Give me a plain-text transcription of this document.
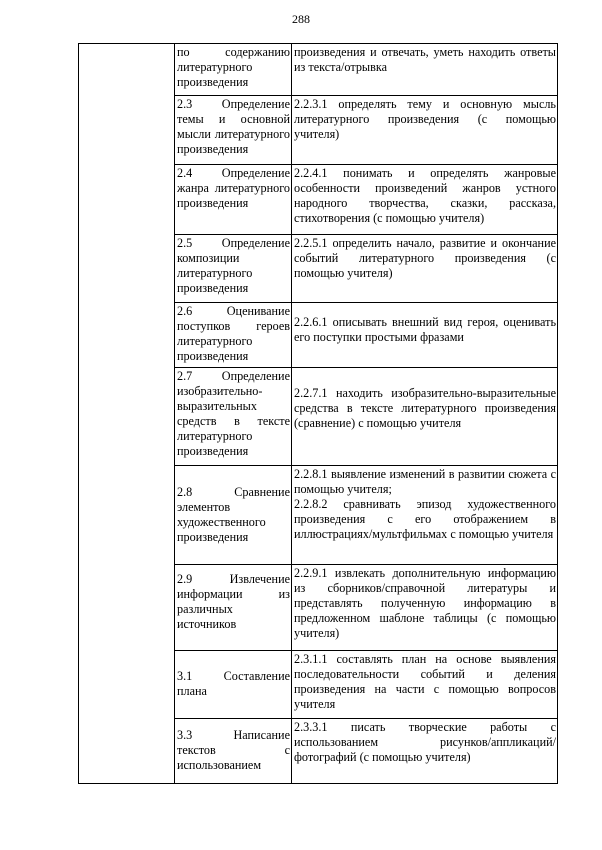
288
	по содержанию литературного произведения	произведения и отвечать, уметь находить ответы из текста/отрывка

	2.3 Определение темы и основной мысли литературного произведения	2.2.3.1 определять тему и основную мысль литературного произведения (с помощью учителя)

	2.4 Определение жанра литературного произведения	2.2.4.1 понимать и определять жанровые особенности произведений жанров устного народного творчества, сказки, рассказа, стихотворения (с помощью учителя)

	2.5 Определение композиции литературного произведения	2.2.5.1 определить начало, развитие и окончание событий литературного произведения (с помощью учителя)

	2.6 Оценивание поступков героев литературного произведения	2.2.6.1 описывать внешний вид героя, оценивать его поступки простыми фразами

	2.7 Определение изобразительно-выразительных средств в тексте литературного произведения	2.2.7.1 находить изобразительно-выразительные средства в тексте литературного произведения (сравнение) с помощью учителя

	2.8 Сравнение элементов художественного произведения	2.2.8.1 выявление изменений в развитии сюжета с помощью учителя;
2.2.8.2 сравнивать эпизод художественного произведения с его отображением в иллюстрациях/мультфильмах с помощью учителя

	2.9 Извлечение информации из различных источников	2.2.9.1 извлекать дополнительную информацию из сборников/справочной литературы и представлять полученную информацию в предложенном шаблоне таблицы (с помощью учителя)

	3.1 Составление плана	2.3.1.1 составлять план на основе выявления последовательности событий и деления произведения на части с помощью вопросов учителя

	3.3 Написание текстов с использованием	2.3.3.1 писать творческие работы с использованием рисунков/аппликаций/фотографий (с помощью учителя)
